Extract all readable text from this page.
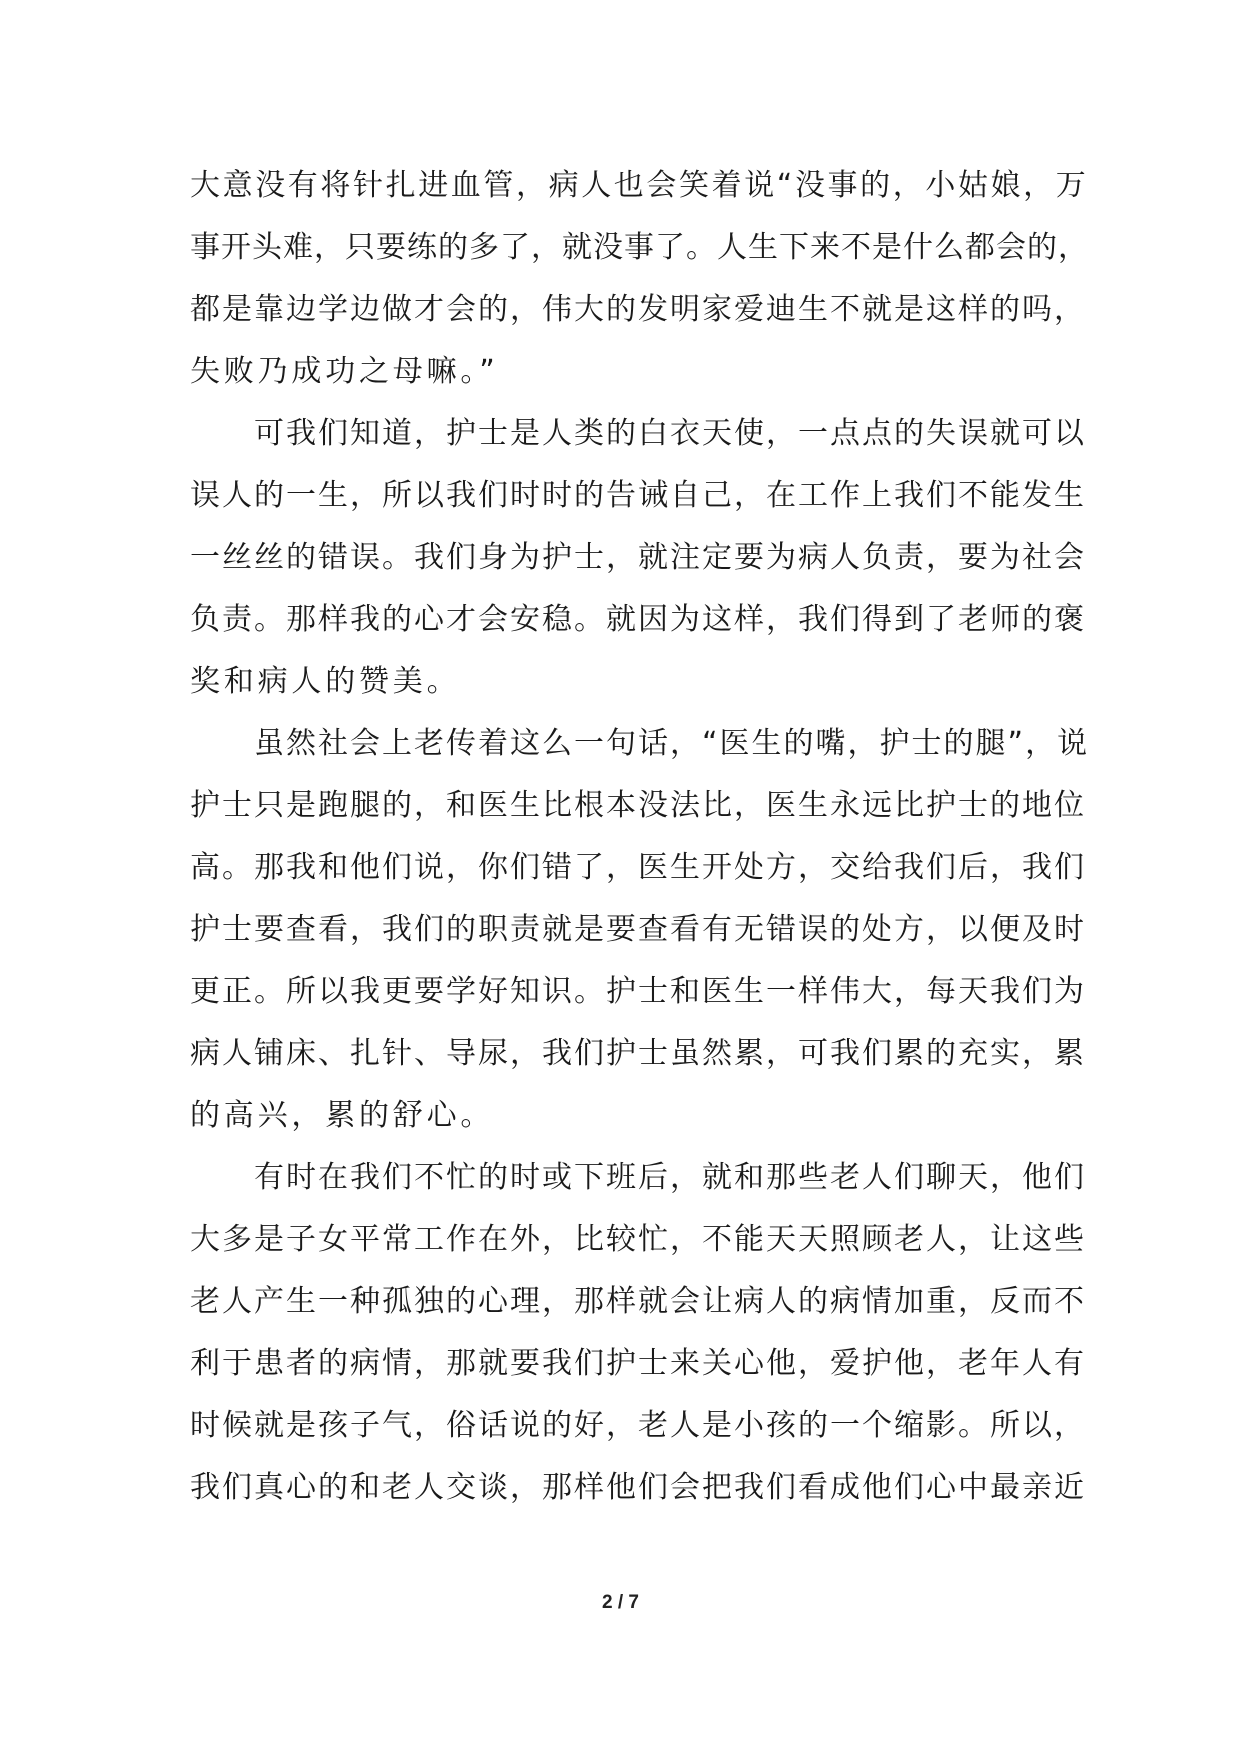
大意没有将针扎进血管，病人也会笑着说“没事的，小姑娘，万
事开头难，只要练的多了，就没事了。人生下来不是什么都会的，
都是靠边学边做才会的，伟大的发明家爱迪生不就是这样的吗，
失败乃成功之母嘛。”
　　可我们知道，护士是人类的白衣天使，一点点的失误就可以
误人的一生，所以我们时时的告诫自己，在工作上我们不能发生
一丝丝的错误。我们身为护士，就注定要为病人负责，要为社会
负责。那样我的心才会安稳。就因为这样，我们得到了老师的褒
奖和病人的赞美。
　　虽然社会上老传着这么一句话，“医生的嘴，护士的腿”，说
护士只是跑腿的，和医生比根本没法比，医生永远比护士的地位
高。那我和他们说，你们错了，医生开处方，交给我们后，我们
护士要查看，我们的职责就是要查看有无错误的处方，以便及时
更正。所以我更要学好知识。护士和医生一样伟大，每天我们为
病人铺床、扎针、导尿，我们护士虽然累，可我们累的充实，累
的高兴，累的舒心。
　　有时在我们不忙的时或下班后，就和那些老人们聊天，他们
大多是子女平常工作在外，比较忙，不能天天照顾老人，让这些
老人产生一种孤独的心理，那样就会让病人的病情加重，反而不
利于患者的病情，那就要我们护士来关心他，爱护他，老年人有
时候就是孩子气，俗话说的好，老人是小孩的一个缩影。所以，
我们真心的和老人交谈，那样他们会把我们看成他们心中最亲近
2 / 7
